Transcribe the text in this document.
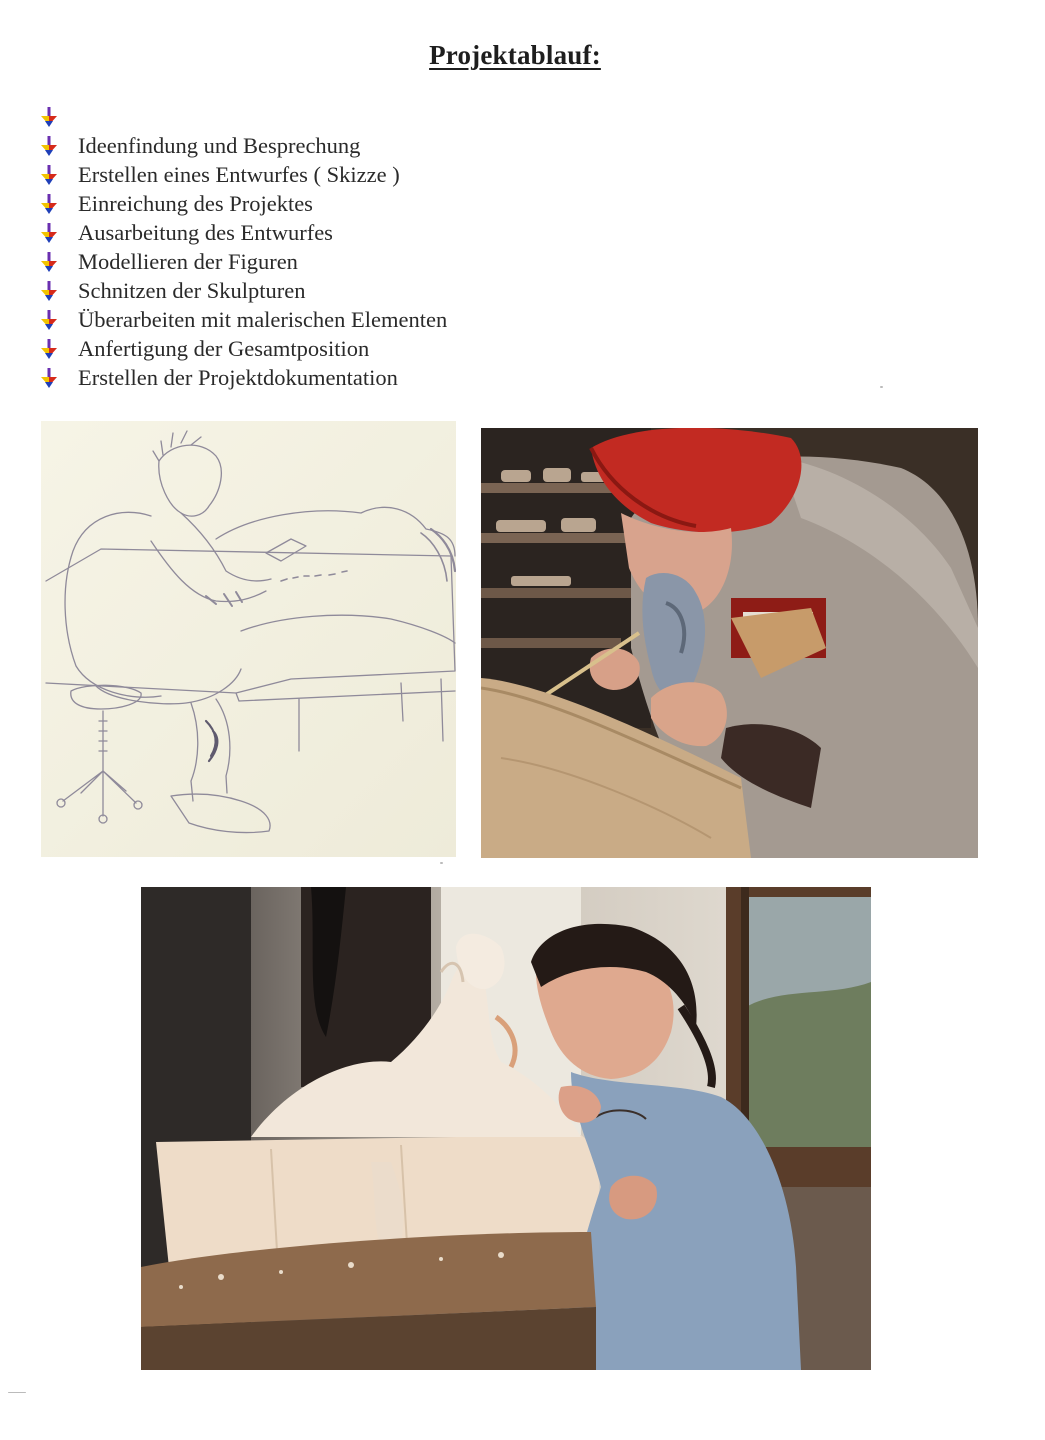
Projektablauf:
Ideenfindung und Besprechung
Erstellen eines Entwurfes ( Skizze )
Einreichung des Projektes
Ausarbeitung des Entwurfes
Modellieren der Figuren
Schnitzen der Skulpturen
Überarbeiten mit malerischen Elementen
Anfertigung der Gesamtposition
Erstellen der Projektdokumentation
